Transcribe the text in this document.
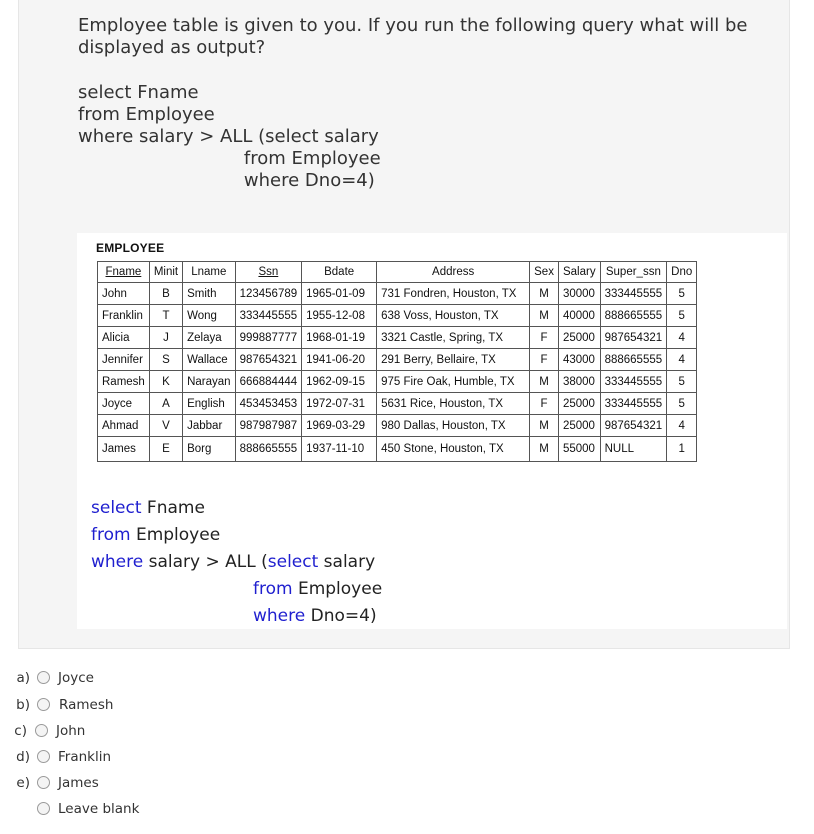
Employee table is given to you. If you run the following query what will be displayed as output?
select Fname
from Employee
where salary > ALL (select salary
from Employee
where Dno=4)
EMPLOYEE
Fname	Minit	Lname	Ssn	Bdate	Address	Sex	Salary	Super_ssn	Dno
John	B	Smith	123456789	1965-01-09	731 Fondren, Houston, TX	M	30000	333445555	5
Franklin	T	Wong	333445555	1955-12-08	638 Voss, Houston, TX	M	40000	888665555	5
Alicia	J	Zelaya	999887777	1968-01-19	3321 Castle, Spring, TX	F	25000	987654321	4
Jennifer	S	Wallace	987654321	1941-06-20	291 Berry, Bellaire, TX	F	43000	888665555	4
Ramesh	K	Narayan	666884444	1962-09-15	975 Fire Oak, Humble, TX	M	38000	333445555	5
Joyce	A	English	453453453	1972-07-31	5631 Rice, Houston, TX	F	25000	333445555	5
Ahmad	V	Jabbar	987987987	1969-03-29	980 Dallas, Houston, TX	M	25000	987654321	4
James	E	Borg	888665555	1937-11-10	450 Stone, Houston, TX	M	55000	NULL	1
select Fname
from Employee
where salary > ALL (select salary
from Employee
where Dno=4)
a) Joyce
b) Ramesh
c) John
d) Franklin
e) James
Leave blank
